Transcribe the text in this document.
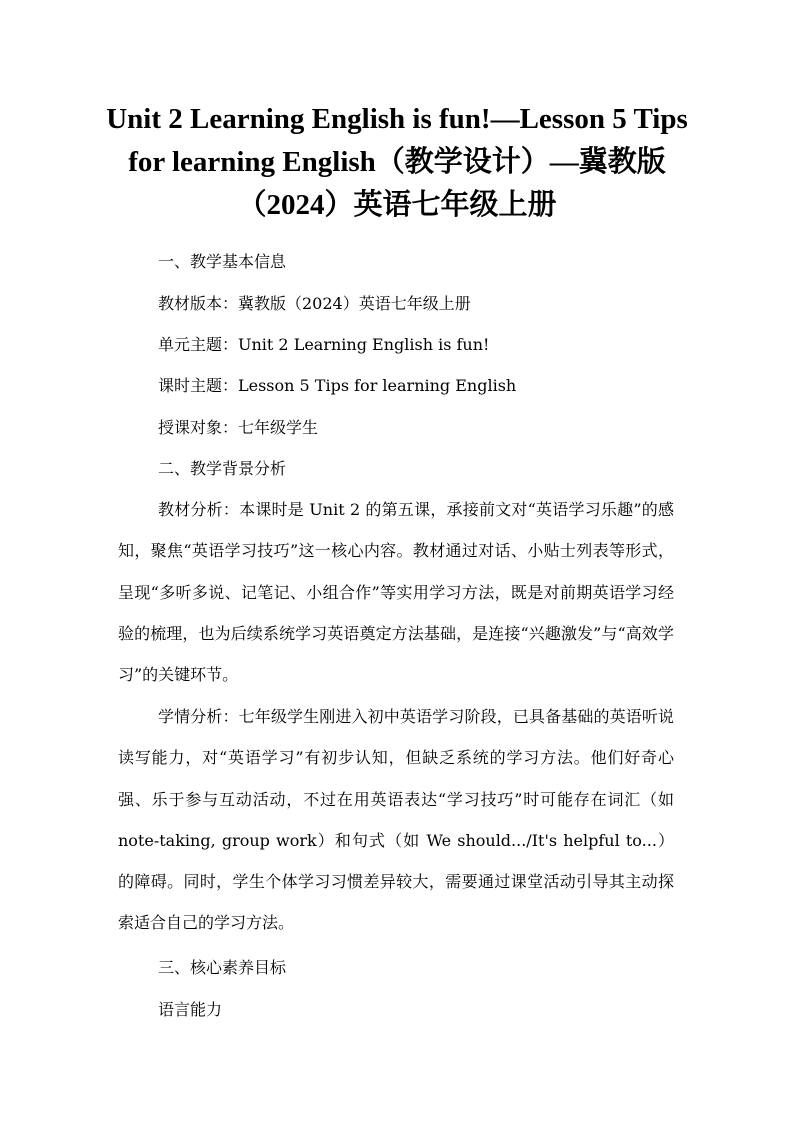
Unit 2 Learning English is fun!—Lesson 5 Tips for learning English（教学设计）—冀教版（2024）英语七年级上册

一、教学基本信息

教材版本：冀教版（2024）英语七年级上册

单元主题：Unit 2 Learning English is fun!

课时主题：Lesson 5 Tips for learning English

授课对象：七年级学生

二、教学背景分析

教材分析：本课时是 Unit 2 的第五课，承接前文对“英语学习乐趣”的感知，聚焦“英语学习技巧”这一核心内容。教材通过对话、小贴士列表等形式，呈现“多听多说、记笔记、小组合作”等实用学习方法，既是对前期英语学习经验的梳理，也为后续系统学习英语奠定方法基础，是连接“兴趣激发”与“高效学习”的关键环节。

学情分析：七年级学生刚进入初中英语学习阶段，已具备基础的英语听说读写能力，对“英语学习”有初步认知，但缺乏系统的学习方法。他们好奇心强、乐于参与互动活动，不过在用英语表达“学习技巧”时可能存在词汇（如 note-taking, group work）和句式（如 We should.../It's helpful to...）的障碍。同时，学生个体学习习惯差异较大，需要通过课堂活动引导其主动探索适合自己的学习方法。

三、核心素养目标

语言能力
